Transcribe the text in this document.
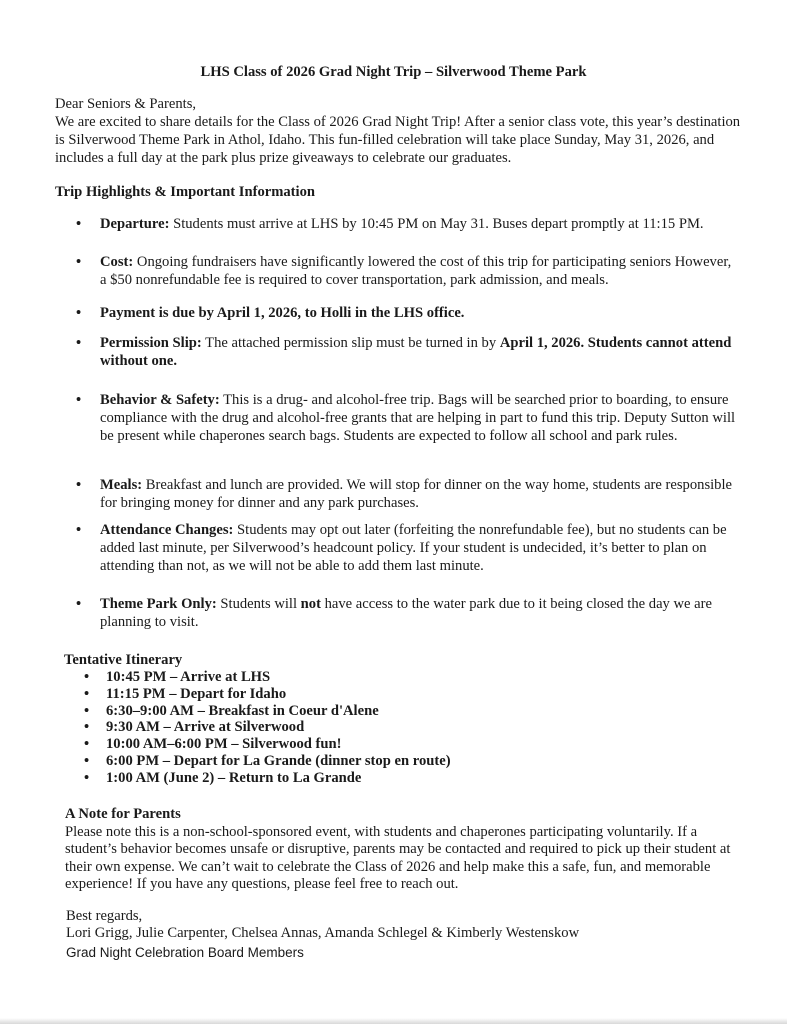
LHS Class of 2026 Grad Night Trip – Silverwood Theme Park
Dear Seniors & Parents,
We are excited to share details for the Class of 2026 Grad Night Trip! After a senior class vote, this year’s destination is Silverwood Theme Park in Athol, Idaho. This fun-filled celebration will take place Sunday, May 31, 2026, and includes a full day at the park plus prize giveaways to celebrate our graduates.
Trip Highlights & Important Information
• Departure: Students must arrive at LHS by 10:45 PM on May 31. Buses depart promptly at 11:15 PM.
• Cost: Ongoing fundraisers have significantly lowered the cost of this trip for participating seniors However, a $50 nonrefundable fee is required to cover transportation, park admission, and meals.
• Payment is due by April 1, 2026, to Holli in the LHS office.
• Permission Slip: The attached permission slip must be turned in by April 1, 2026. Students cannot attend without one.
• Behavior & Safety: This is a drug- and alcohol-free trip. Bags will be searched prior to boarding, to ensure compliance with the drug and alcohol-free grants that are helping in part to fund this trip. Deputy Sutton will be present while chaperones search bags. Students are expected to follow all school and park rules.
• Meals: Breakfast and lunch are provided. We will stop for dinner on the way home, students are responsible for bringing money for dinner and any park purchases.
• Attendance Changes: Students may opt out later (forfeiting the nonrefundable fee), but no students can be added last minute, per Silverwood’s headcount policy. If your student is undecided, it’s better to plan on attending than not, as we will not be able to add them last minute.
• Theme Park Only: Students will not have access to the water park due to it being closed the day we are planning to visit.
Tentative Itinerary
• 10:45 PM – Arrive at LHS
• 11:15 PM – Depart for Idaho
• 6:30–9:00 AM – Breakfast in Coeur d'Alene
• 9:30 AM – Arrive at Silverwood
• 10:00 AM–6:00 PM – Silverwood fun!
• 6:00 PM – Depart for La Grande (dinner stop en route)
• 1:00 AM (June 2) – Return to La Grande
A Note for Parents
Please note this is a non-school-sponsored event, with students and chaperones participating voluntarily. If a student’s behavior becomes unsafe or disruptive, parents may be contacted and required to pick up their student at their own expense. We can’t wait to celebrate the Class of 2026 and help make this a safe, fun, and memorable experience! If you have any questions, please feel free to reach out.
Best regards,
Lori Grigg, Julie Carpenter, Chelsea Annas, Amanda Schlegel & Kimberly Westenskow
Grad Night Celebration Board Members
